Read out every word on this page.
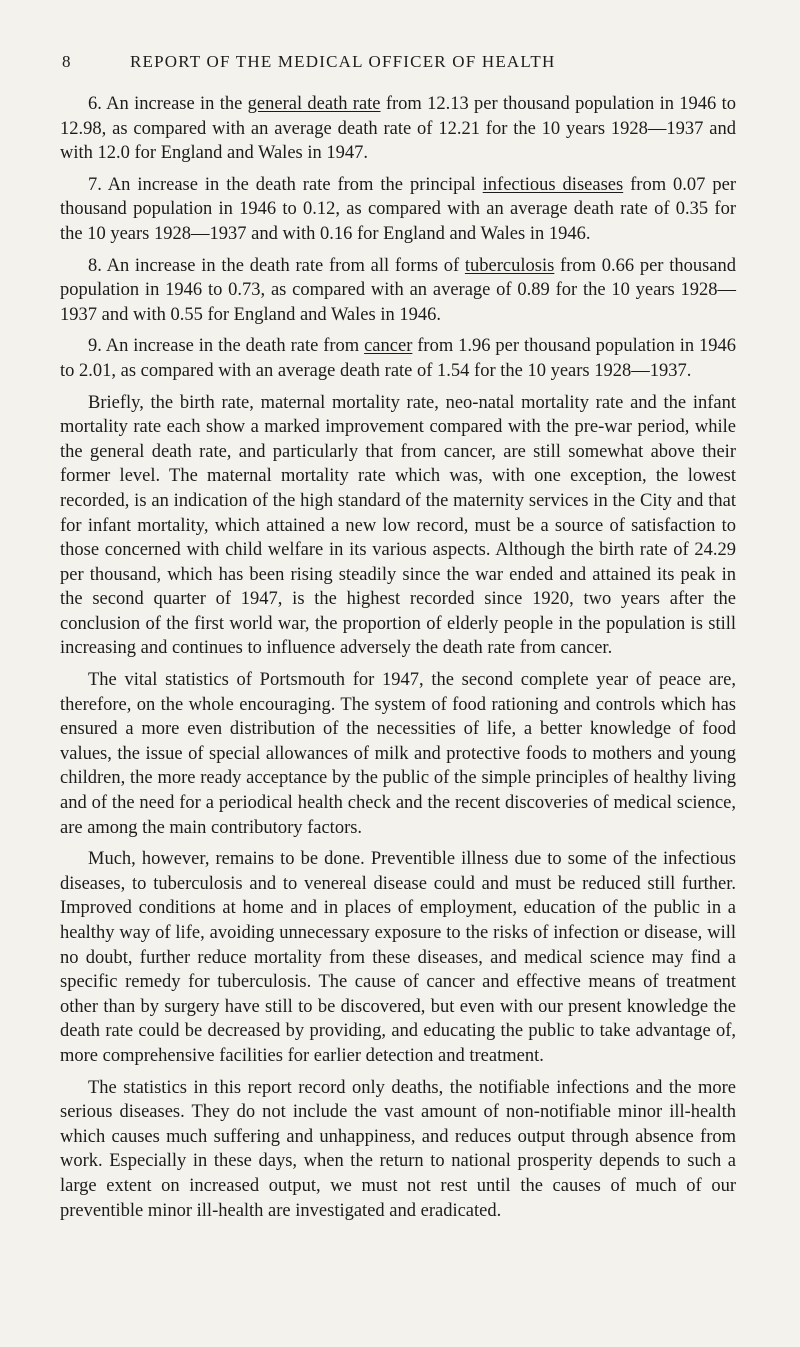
8	REPORT OF THE MEDICAL OFFICER OF HEALTH

6. An increase in the general death rate from 12.13 per thousand population in 1946 to 12.98, as compared with an average death rate of 12.21 for the 10 years 1928—1937 and with 12.0 for England and Wales in 1947.

7. An increase in the death rate from the principal infectious diseases from 0.07 per thousand population in 1946 to 0.12, as compared with an average death rate of 0.35 for the 10 years 1928—1937 and with 0.16 for England and Wales in 1946.

8. An increase in the death rate from all forms of tuberculosis from 0.66 per thousand population in 1946 to 0.73, as compared with an average of 0.89 for the 10 years 1928—1937 and with 0.55 for England and Wales in 1946.

9. An increase in the death rate from cancer from 1.96 per thousand population in 1946 to 2.01, as compared with an average death rate of 1.54 for the 10 years 1928—1937.

Briefly, the birth rate, maternal mortality rate, neo-natal mortality rate and the infant mortality rate each show a marked improvement compared with the pre-war period, while the general death rate, and particularly that from cancer, are still somewhat above their former level. The maternal mortality rate which was, with one exception, the lowest recorded, is an indication of the high standard of the maternity services in the City and that for infant mortality, which attained a new low record, must be a source of satisfaction to those concerned with child welfare in its various aspects. Although the birth rate of 24.29 per thousand, which has been rising steadily since the war ended and attained its peak in the second quarter of 1947, is the highest recorded since 1920, two years after the conclusion of the first world war, the proportion of elderly people in the population is still increasing and continues to influence adversely the death rate from cancer.

The vital statistics of Portsmouth for 1947, the second complete year of peace are, therefore, on the whole encouraging. The system of food rationing and controls which has ensured a more even distribution of the necessities of life, a better knowledge of food values, the issue of special allowances of milk and protective foods to mothers and young children, the more ready acceptance by the public of the simple principles of healthy living and of the need for a periodical health check and the recent discoveries of medical science, are among the main contributory factors.

Much, however, remains to be done. Preventible illness due to some of the infectious diseases, to tuberculosis and to venereal disease could and must be reduced still further. Improved conditions at home and in places of employment, education of the public in a healthy way of life, avoiding unnecessary exposure to the risks of infection or disease, will no doubt, further reduce mortality from these diseases, and medical science may find a specific remedy for tuberculosis. The cause of cancer and effective means of treatment other than by surgery have still to be discovered, but even with our present knowledge the death rate could be decreased by providing, and educating the public to take advantage of, more comprehensive facilities for earlier detection and treatment.

The statistics in this report record only deaths, the notifiable infections and the more serious diseases. They do not include the vast amount of non-notifiable minor ill-health which causes much suffering and unhappiness, and reduces output through absence from work. Especially in these days, when the return to national prosperity depends to such a large extent on increased output, we must not rest until the causes of much of our preventible minor ill-health are investigated and eradicated.
